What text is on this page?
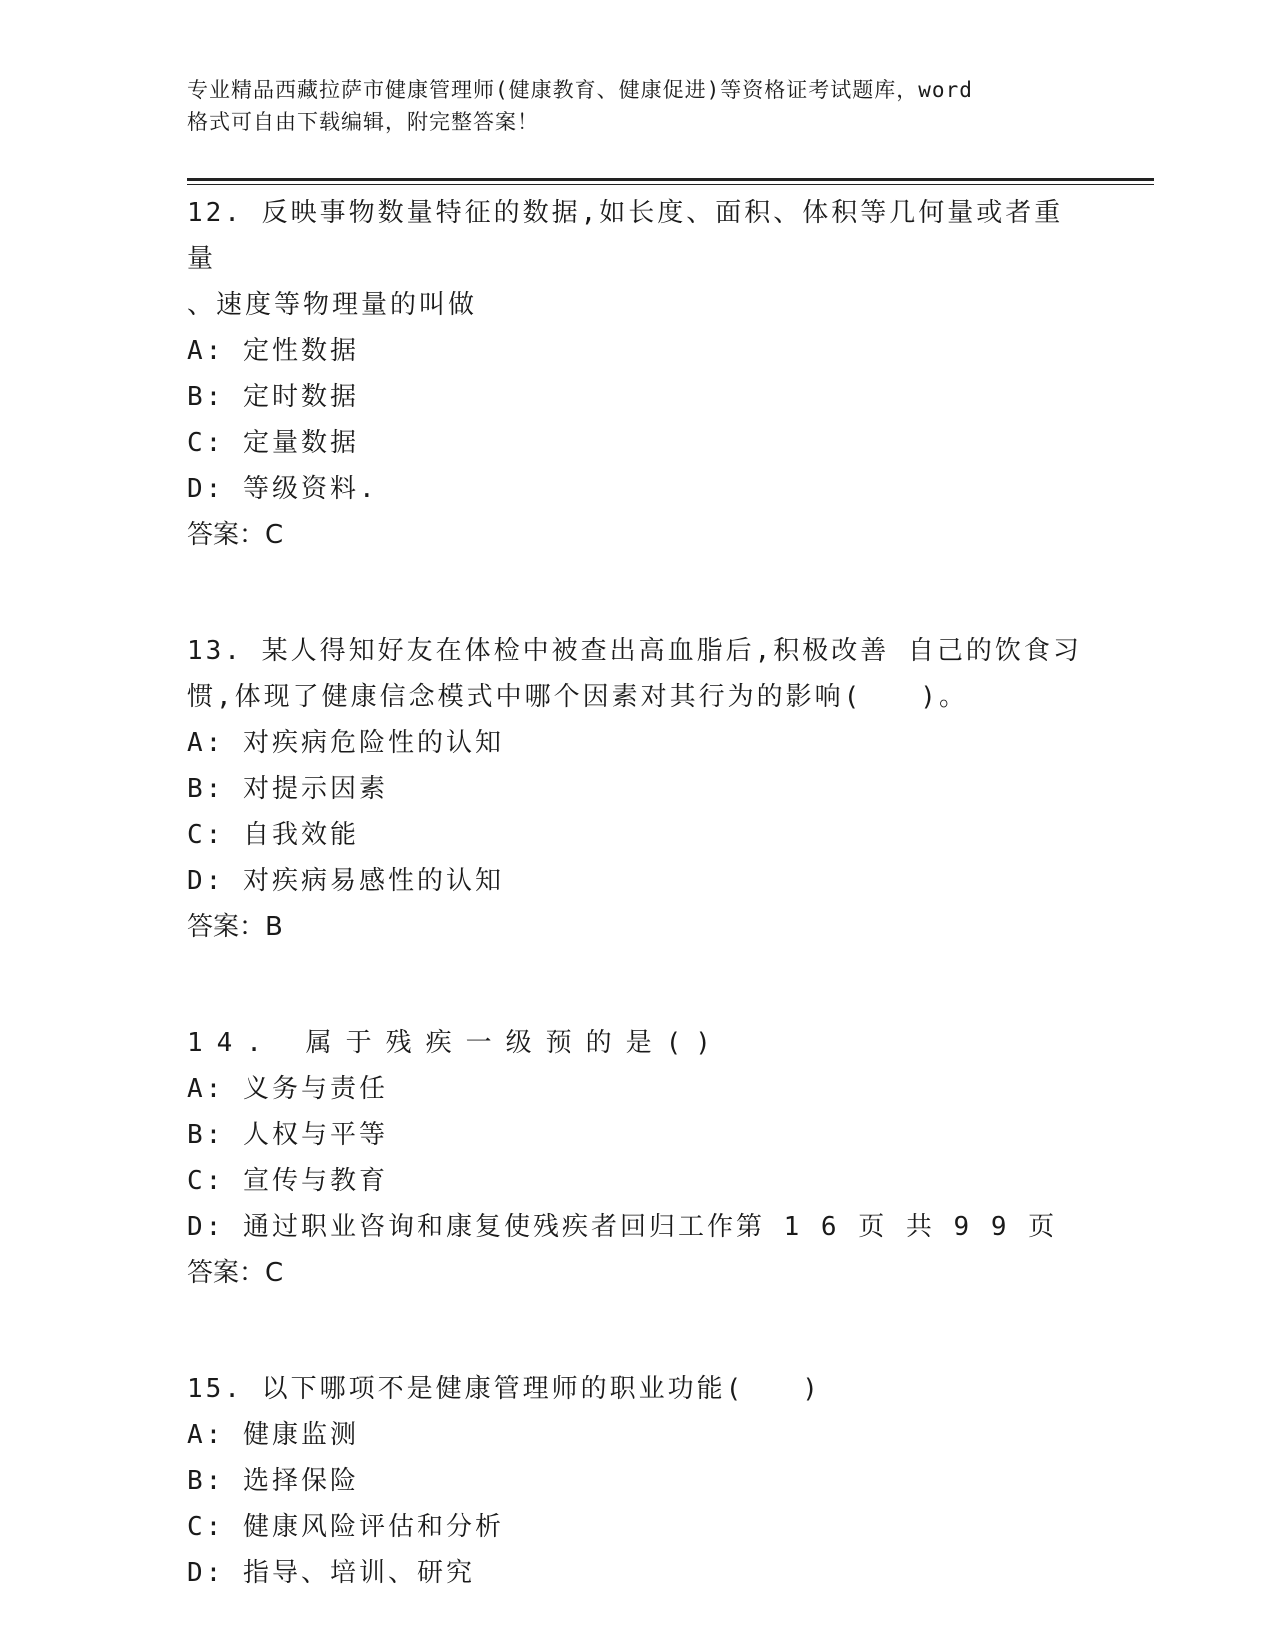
专业精品西藏拉萨市健康管理师(健康教育、健康促进)等资格证考试题库，word
格式可自由下载编辑，附完整答案！

12. 反映事物数量特征的数据,如长度、面积、体积等几何量或者重量

、速度等物理量的叫做

A: 定性数据

B: 定时数据

C: 定量数据

D: 等级资料.

答案：C

13. 某人得知好友在体检中被查出高血脂后,积极改善 自己的饮食习

惯,体现了健康信念模式中哪个因素对其行为的影响(　　)。

A: 对疾病危险性的认知

B: 对提示因素

C: 自我效能

D: 对疾病易感性的认知

答案：B

14. 属于残疾一级预的是()

A: 义务与责任

B: 人权与平等

C: 宣传与教育

D: 通过职业咨询和康复使残疾者回归工作第 1 6 页 共 9 9 页

答案：C

15. 以下哪项不是健康管理师的职业功能(　　)

A: 健康监测

B: 选择保险

C: 健康风险评估和分析

D: 指导、培训、研究
